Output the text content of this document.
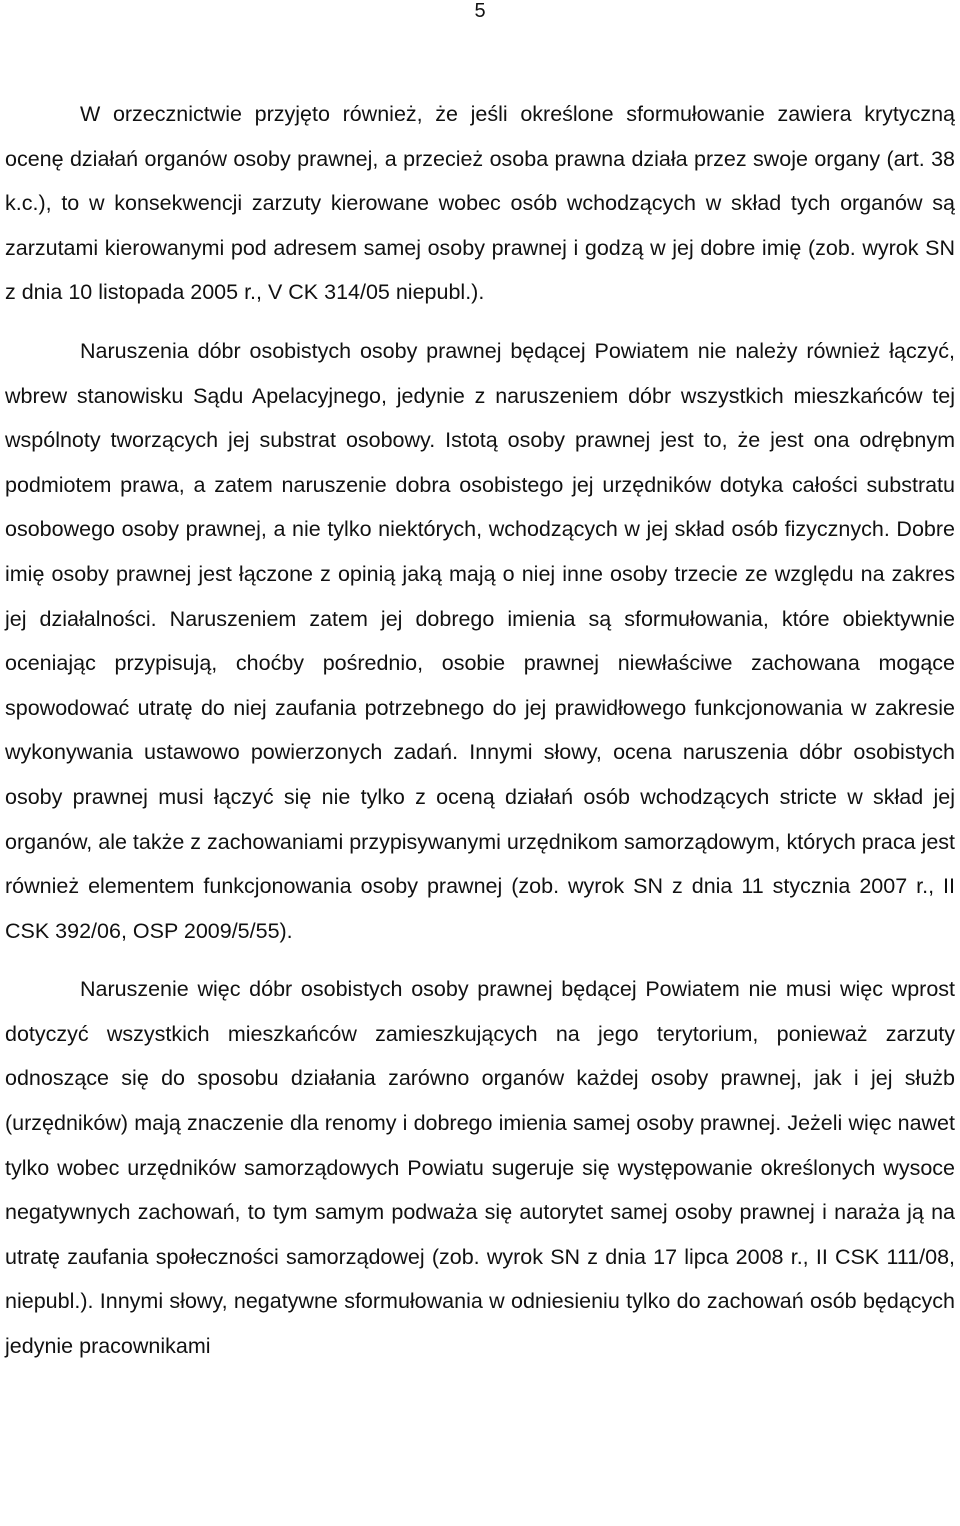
5

W orzecznictwie przyjęto również, że jeśli określone sformułowanie zawiera krytyczną ocenę działań organów osoby prawnej, a przecież osoba prawna działa przez swoje organy (art. 38 k.c.), to w konsekwencji zarzuty kierowane wobec osób wchodzących w skład tych organów są zarzutami kierowanymi pod adresem samej osoby prawnej i godzą w jej dobre imię (zob. wyrok SN z dnia 10 listopada 2005 r., V CK 314/05 niepubl.).

Naruszenia dóbr osobistych osoby prawnej będącej Powiatem nie należy również łączyć, wbrew stanowisku Sądu Apelacyjnego, jedynie z naruszeniem dóbr wszystkich mieszkańców tej wspólnoty tworzących jej substrat osobowy. Istotą osoby prawnej jest to, że jest ona odrębnym podmiotem prawa, a zatem naruszenie dobra osobistego jej urzędników dotyka całości substratu osobowego osoby prawnej, a nie tylko niektórych, wchodzących w jej skład osób fizycznych. Dobre imię osoby prawnej jest łączone z opinią jaką mają o niej inne osoby trzecie ze względu na zakres jej działalności. Naruszeniem zatem jej dobrego imienia są sformułowania, które obiektywnie oceniając przypisują, choćby pośrednio, osobie prawnej niewłaściwe zachowana mogące spowodować utratę do niej zaufania potrzebnego do jej prawidłowego funkcjonowania w zakresie wykonywania ustawowo powierzonych zadań. Innymi słowy, ocena naruszenia dóbr osobistych osoby prawnej musi łączyć się nie tylko z oceną działań osób wchodzących stricte w skład jej organów, ale także z zachowaniami przypisywanymi urzędnikom samorządowym, których praca jest również elementem funkcjonowania osoby prawnej (zob. wyrok SN z dnia 11 stycznia 2007 r., II CSK 392/06, OSP 2009/5/55).

Naruszenie więc dóbr osobistych osoby prawnej będącej Powiatem nie musi więc wprost dotyczyć wszystkich mieszkańców zamieszkujących na jego terytorium, ponieważ zarzuty odnoszące się do sposobu działania zarówno organów każdej osoby prawnej, jak i jej służb (urzędników) mają znaczenie dla renomy i dobrego imienia samej osoby prawnej. Jeżeli więc nawet tylko wobec urzędników samorządowych Powiatu sugeruje się występowanie określonych wysoce negatywnych zachowań, to tym samym podważa się autorytet samej osoby prawnej i naraża ją na utratę zaufania społeczności samorządowej (zob. wyrok SN z dnia 17 lipca 2008 r., II CSK 111/08, niepubl.). Innymi słowy, negatywne sformułowania w odniesieniu tylko do zachowań osób będących jedynie pracownikami
